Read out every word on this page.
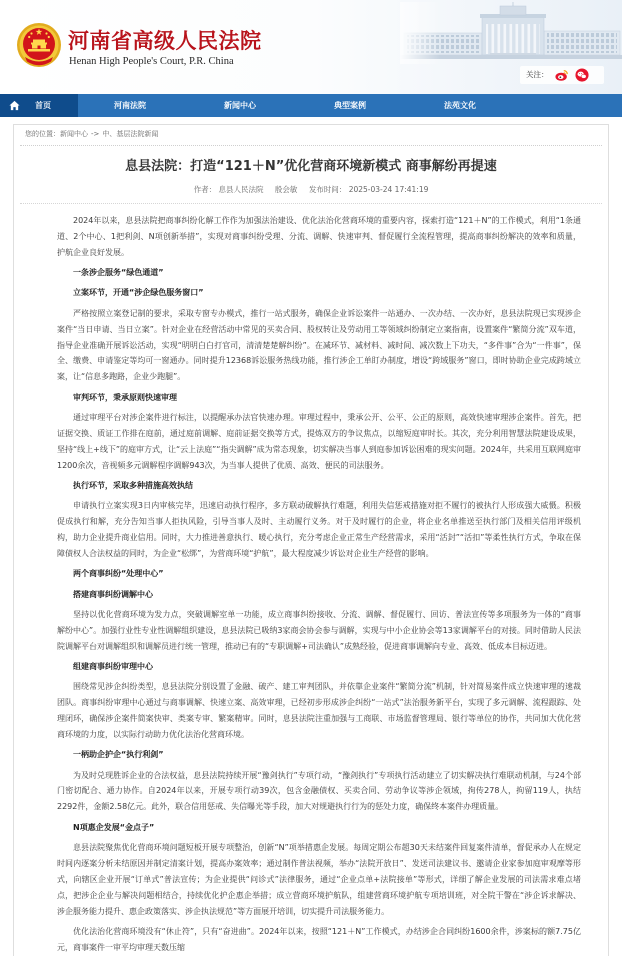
河南省高级人民法院
Henan High People's Court, P.R. China
关注：
首页	河南法院	新闻中心	典型案例	法苑文化
您的位置：新闻中心 -> 中、基层法院新闻
息县法院：打造“121＋N”优化营商环境新模式 商事解纷再提速
作者： 息县人民法院 殷会敏 发布时间： 2025-03-24 17:41:19

2024年以来，息县法院把商事纠纷化解工作作为加强法治建设、优化法治化营商环境的重要内容，探索打造“121＋N”的工作模式，利用“1条通道、2个中心、1把利剑、N项创新举措”，实现对商事纠纷受理、分流、调解、快速审判、督促履行全流程管理，提高商事纠纷解决的效率和质量，护航企业良好发展。

一条涉企服务“绿色通道”

立案环节，开通“涉企绿色服务窗口”

严格按照立案登记制的要求，采取专窗专办模式，推行一站式服务，确保企业诉讼案件一站通办、一次办结、一次办好，息县法院现已实现涉企案件“当日申请、当日立案”。针对企业在经营活动中常见的买卖合同、股权转让及劳动用工等领域纠纷制定立案指南，设置案件“繁简分流”双车道，指导企业准确开展诉讼活动，实现“明明白白打官司，清清楚楚解纠纷”。在减环节、减材料、减时间、减次数上下功夫，“多件事”合为“一件事”，保全、缴费、申请鉴定等均可一窗通办。同时提升12368诉讼服务热线功能，推行涉企工单盯办制度，增设“跨域服务”窗口，即时协助企业完成跨域立案，让“信息多跑路，企业少跑腿”。

审判环节，秉承原则快速审理

通过审理平台对涉企案件进行标注，以提醒承办法官快速办理。审理过程中，秉承公开、公平、公正的原则，高效快速审理涉企案件。首先，把证据交换、质证工作排在庭前，通过庭前调解、庭前证据交换等方式，提炼双方的争议焦点，以缩短庭审时长。其次，充分利用智慧法院建设成果，坚持“线上+线下”的庭审方式，让“云上法庭”“指尖调解”成为常态现象，切实解决当事人到庭参加诉讼困难的现实问题。2024年，共采用互联网庭审1200余次，音视频多元调解程序调解943次，为当事人提供了优质、高效、便民的司法服务。

执行环节，采取多种措施高效执结

申请执行立案实现3日内审核完毕，迅速启动执行程序，多方联动破解执行难题，利用失信惩戒措施对拒不履行的被执行人形成强大威慑。积极促成执行和解，充分告知当事人拒执风险，引导当事人及时、主动履行义务。对于及时履行的企业，将企业名单推送至执行部门及相关信用评级机构，助力企业提升商业信用。同时，大力推进善意执行、暖心执行，充分考虑企业正常生产经营需求，采用“活封”“活扣”等柔性执行方式，争取在保障债权人合法权益的同时，为企业“松绑”，为营商环境“护航”，最大程度减少诉讼对企业生产经营的影响。

两个商事纠纷“处理中心”

搭建商事纠纷调解中心

坚持以优化营商环境为发力点，突破调解室单一功能，成立商事纠纷接收、分流、调解、督促履行、回访、普法宣传等多项服务为一体的“商事解纷中心”。加强行业性专业性调解组织建设，息县法院已吸纳3家商会协会参与调解，实现与中小企业协会等13家调解平台的对接。同时借助人民法院调解平台对调解组织和调解员进行统一管理，推动已有的“专职调解+司法确认”成熟经验，促进商事调解向专业、高效、低成本目标迈进。

组建商事纠纷审理中心

围绕常见涉企纠纷类型，息县法院分别设置了金融、破产、建工审判团队，并依靠企业案件“繁简分流”机制，针对简易案件成立快速审理的速裁团队。商事纠纷审理中心通过与商事调解、快速立案、高效审理，已经初步形成涉企纠纷“一站式”法治服务新平台，实现了多元调解、流程跟踪、处理闭环，确保涉企案件简案快审、类案专审、繁案精审。同时，息县法院注重加强与工商联、市场监督管理局、银行等单位的协作，共同加大优化营商环境的力度，以实际行动助力优化法治化营商环境。

一柄助企护企“执行利剑”

为及时兑现胜诉企业的合法权益，息县法院持续开展“豫剑执行”专项行动，“豫剑执行”专项执行活动建立了切实解决执行难联动机制，与24个部门密切配合、通力协作。自2024年以来，开展专项行动39次，包含金融债权、买卖合同、劳动争议等涉企领域，拘传278人，拘留119人，执结2292件，金额2.58亿元。此外，联合信用惩戒、失信曝光等手段，加大对规避执行行为的惩处力度，确保终本案件办理质量。

N项惠企发展“金点子”

息县法院聚焦优化营商环境问题短板开展专项整治，创新“N”项举措惠企发展。每周定期公布超30天未结案件回复案件清单，督促承办人在规定时间内逐案分析未结原因并制定清案计划，提高办案效率；通过制作普法视频，举办“法院开放日”、发送司法建议书、邀请企业家参加庭审观摩等形式，向辖区企业开展“订单式”普法宣传；为企业提供“问诊式”法律服务，通过“企业点单+法院接单”等形式，详细了解企业发展的司法需求难点堵点，把涉企企业与解决问题相结合，持续优化护企惠企举措；成立营商环境护航队，组建营商环境护航专项培训班，对全院干警在“涉企诉求解决、涉企服务能力提升、惠企政策落实、涉企执法规范”等方面展开培训，切实提升司法服务能力。

优化法治化营商环境没有“休止符”，只有“奋进曲”。2024年以来，按照“121＋N”工作模式，办结涉企合同纠纷1600余件，涉案标的额7.75亿元，商事案件一审平均审理天数压缩
